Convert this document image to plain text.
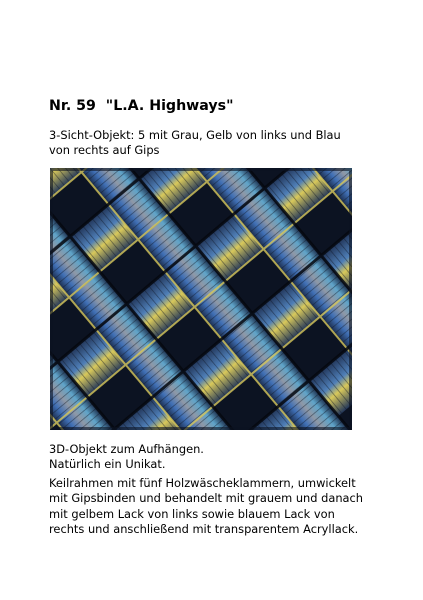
Nr. 59  "L.A. Highways"

3-Sicht-Objekt: 5 mit Grau, Gelb von links und Blau
von rechts auf Gips

3D-Objekt zum Aufhängen.
Natürlich ein Unikat.

Keilrahmen mit fünf Holzwäscheklammern, umwickelt
mit Gipsbinden und behandelt mit grauem und danach
mit gelbem Lack von links sowie blauem Lack von
rechts und anschließend mit transparentem Acryllack.
